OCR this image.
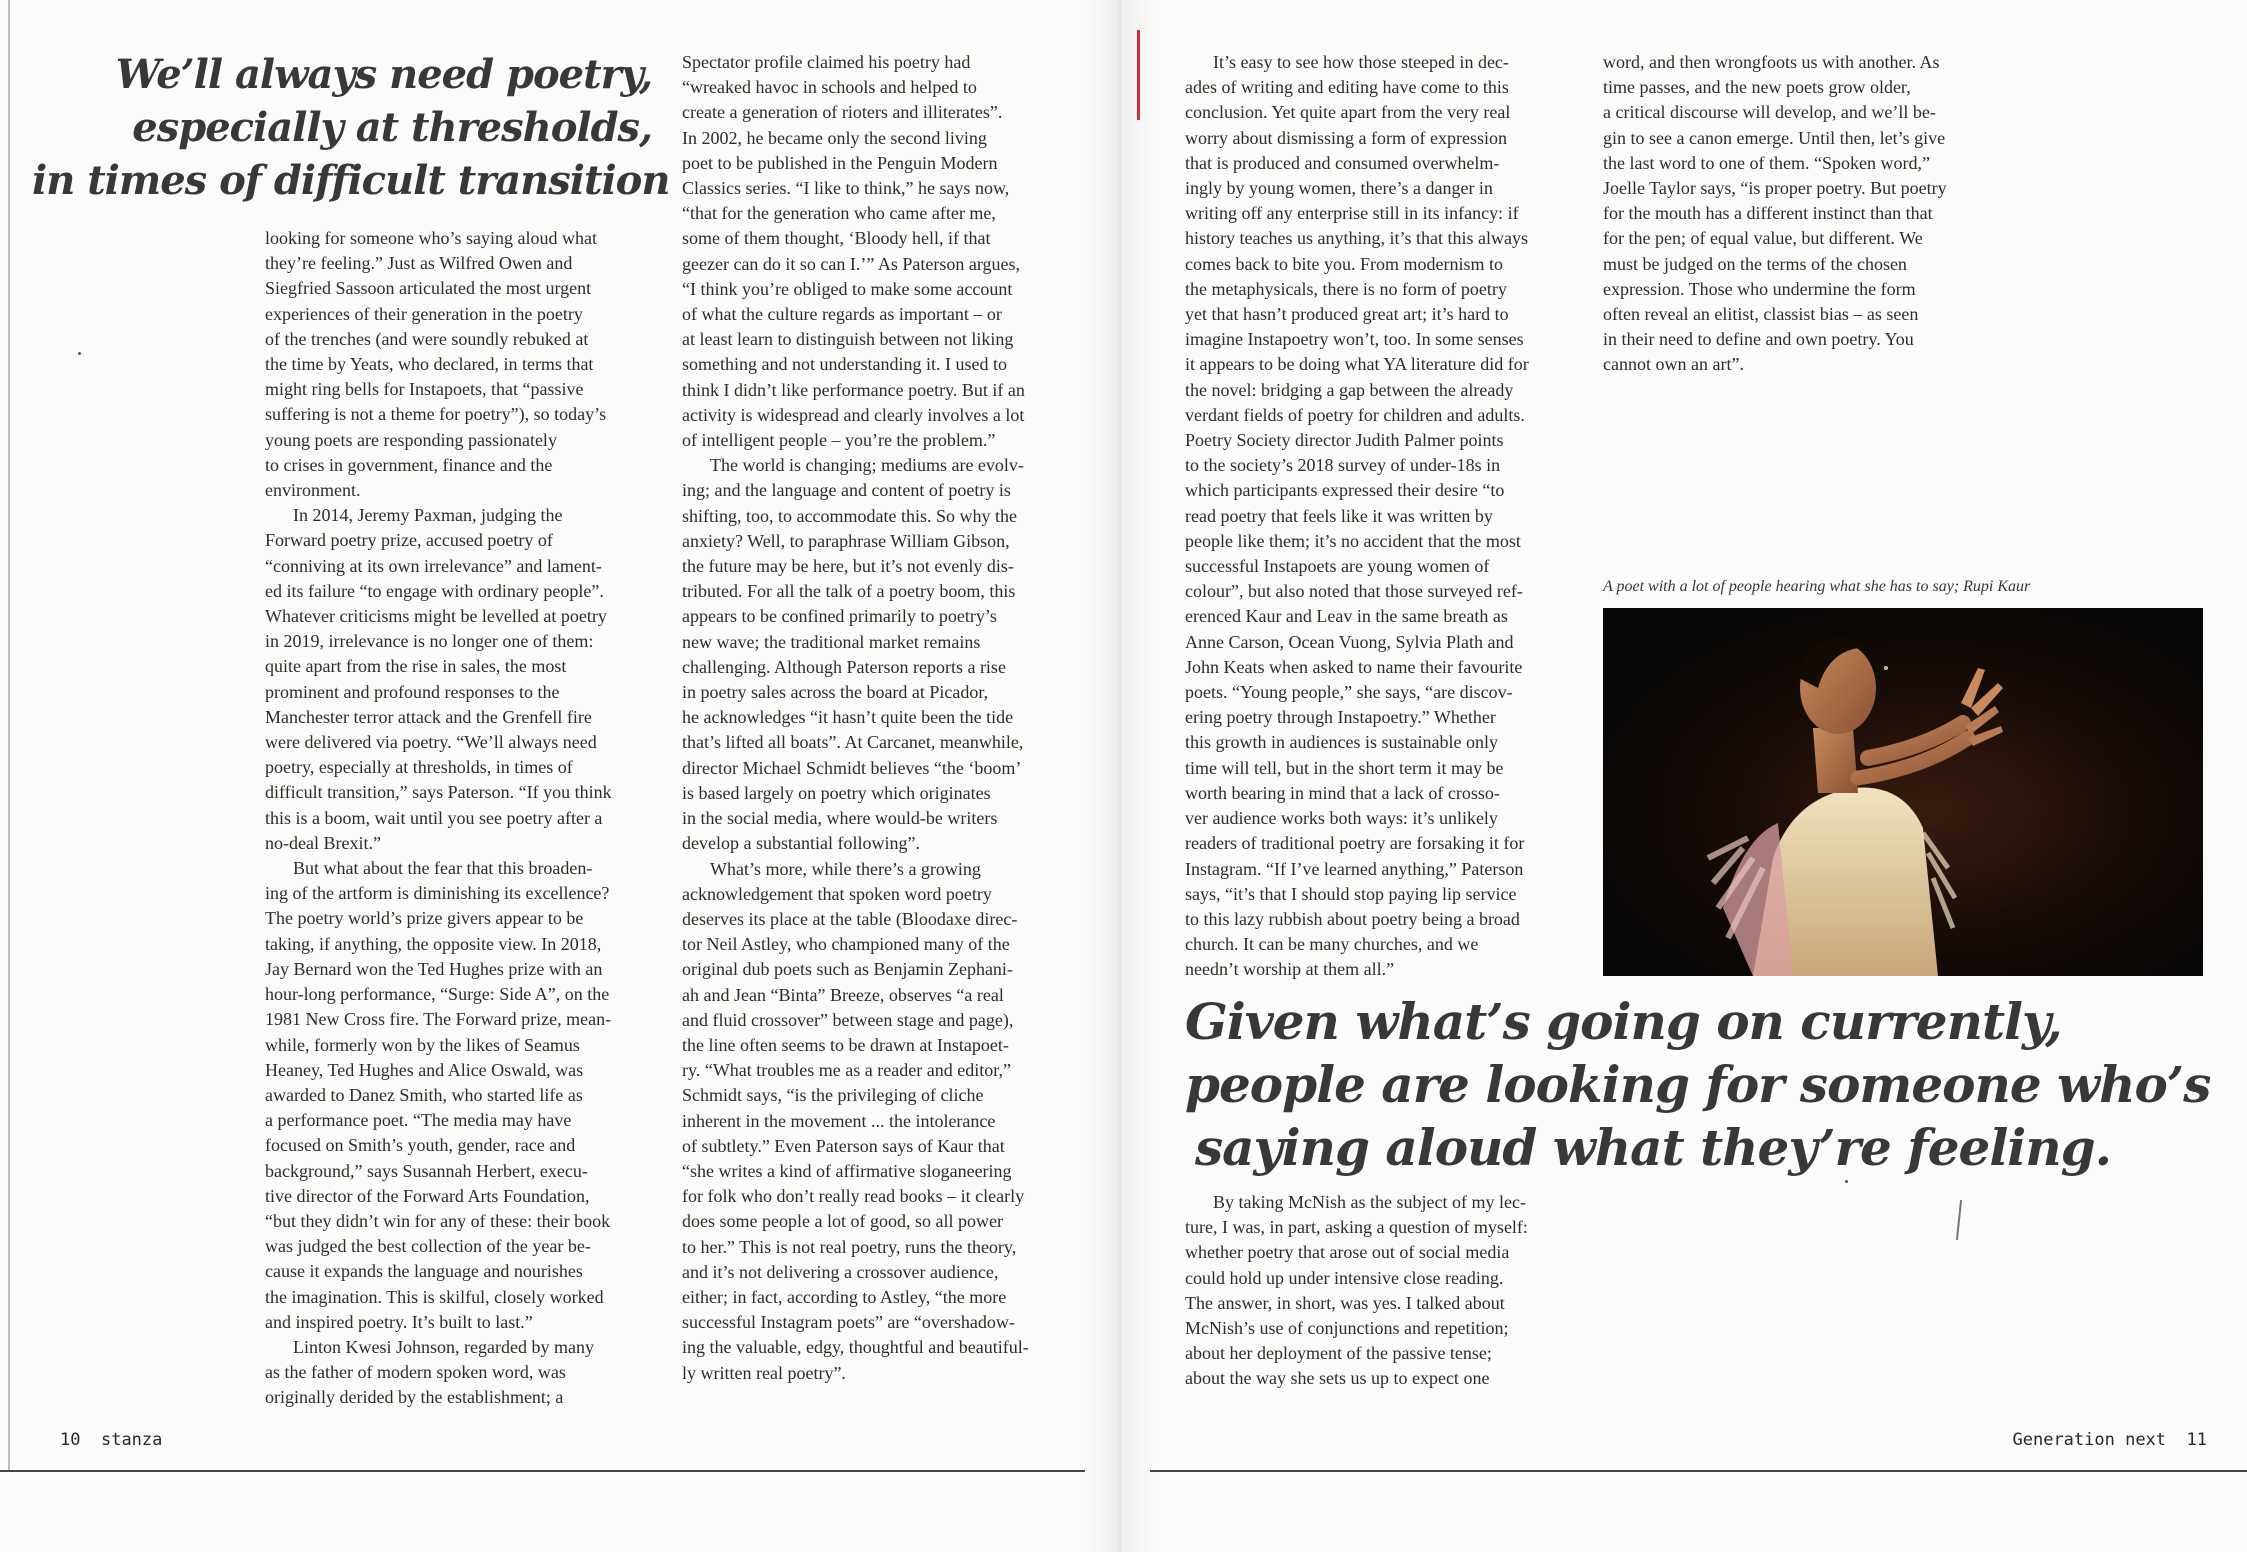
We’ll always need poetry,
especially at thresholds,
in times of difficult transition

looking for someone who’s saying aloud what
they’re feeling.” Just as Wilfred Owen and
Siegfried Sassoon articulated the most urgent
experiences of their generation in the poetry
of the trenches (and were soundly rebuked at
the time by Yeats, who declared, in terms that
might ring bells for Instapoets, that “passive
suffering is not a theme for poetry”), so today’s
young poets are responding passionately
to crises in government, finance and the
environment.

In 2014, Jeremy Paxman, judging the
Forward poetry prize, accused poetry of
“conniving at its own irrelevance” and lament-
ed its failure “to engage with ordinary people”.
Whatever criticisms might be levelled at poetry
in 2019, irrelevance is no longer one of them:
quite apart from the rise in sales, the most
prominent and profound responses to the
Manchester terror attack and the Grenfell fire
were delivered via poetry. “We’ll always need
poetry, especially at thresholds, in times of
difficult transition,” says Paterson. “If you think
this is a boom, wait until you see poetry after a
no-deal Brexit.”

But what about the fear that this broaden-
ing of the artform is diminishing its excellence?
The poetry world’s prize givers appear to be
taking, if anything, the opposite view. In 2018,
Jay Bernard won the Ted Hughes prize with an
hour-long performance, “Surge: Side A”, on the
1981 New Cross fire. The Forward prize, mean-
while, formerly won by the likes of Seamus
Heaney, Ted Hughes and Alice Oswald, was
awarded to Danez Smith, who started life as
a performance poet. “The media may have
focused on Smith’s youth, gender, race and
background,” says Susannah Herbert, execu-
tive director of the Forward Arts Foundation,
“but they didn’t win for any of these: their book
was judged the best collection of the year be-
cause it expands the language and nourishes
the imagination. This is skilful, closely worked
and inspired poetry. It’s built to last.”

Linton Kwesi Johnson, regarded by many
as the father of modern spoken word, was
originally derided by the establishment; a

Spectator profile claimed his poetry had
“wreaked havoc in schools and helped to
create a generation of rioters and illiterates”.
In 2002, he became only the second living
poet to be published in the Penguin Modern
Classics series. “I like to think,” he says now,
“that for the generation who came after me,
some of them thought, ‘Bloody hell, if that
geezer can do it so can I.’” As Paterson argues,
“I think you’re obliged to make some account
of what the culture regards as important – or
at least learn to distinguish between not liking
something and not understanding it. I used to
think I didn’t like performance poetry. But if an
activity is widespread and clearly involves a lot
of intelligent people – you’re the problem.”

The world is changing; mediums are evolv-
ing; and the language and content of poetry is
shifting, too, to accommodate this. So why the
anxiety? Well, to paraphrase William Gibson,
the future may be here, but it’s not evenly dis-
tributed. For all the talk of a poetry boom, this
appears to be confined primarily to poetry’s
new wave; the traditional market remains
challenging. Although Paterson reports a rise
in poetry sales across the board at Picador,
he acknowledges “it hasn’t quite been the tide
that’s lifted all boats”. At Carcanet, meanwhile,
director Michael Schmidt believes “the ‘boom’
is based largely on poetry which originates
in the social media, where would-be writers
develop a substantial following”.

What’s more, while there’s a growing
acknowledgement that spoken word poetry
deserves its place at the table (Bloodaxe direc-
tor Neil Astley, who championed many of the
original dub poets such as Benjamin Zephani-
ah and Jean “Binta” Breeze, observes “a real
and fluid crossover” between stage and page),
the line often seems to be drawn at Instapoet-
ry. “What troubles me as a reader and editor,”
Schmidt says, “is the privileging of cliche
inherent in the movement ... the intolerance
of subtlety.” Even Paterson says of Kaur that
“she writes a kind of affirmative sloganeering
for folk who don’t really read books – it clearly
does some people a lot of good, so all power
to her.” This is not real poetry, runs the theory,
and it’s not delivering a crossover audience,
either; in fact, according to Astley, “the more
successful Instagram poets” are “overshadow-
ing the valuable, edgy, thoughtful and beautiful-
ly written real poetry”.

10 stanza

It’s easy to see how those steeped in dec-
ades of writing and editing have come to this
conclusion. Yet quite apart from the very real
worry about dismissing a form of expression
that is produced and consumed overwhelm-
ingly by young women, there’s a danger in
writing off any enterprise still in its infancy: if
history teaches us anything, it’s that this always
comes back to bite you. From modernism to
the metaphysicals, there is no form of poetry
yet that hasn’t produced great art; it’s hard to
imagine Instapoetry won’t, too. In some senses
it appears to be doing what YA literature did for
the novel: bridging a gap between the already
verdant fields of poetry for children and adults.
Poetry Society director Judith Palmer points
to the society’s 2018 survey of under-18s in
which participants expressed their desire “to
read poetry that feels like it was written by
people like them; it’s no accident that the most
successful Instapoets are young women of
colour”, but also noted that those surveyed ref-
erenced Kaur and Leav in the same breath as
Anne Carson, Ocean Vuong, Sylvia Plath and
John Keats when asked to name their favourite
poets. “Young people,” she says, “are discov-
ering poetry through Instapoetry.” Whether
this growth in audiences is sustainable only
time will tell, but in the short term it may be
worth bearing in mind that a lack of crosso-
ver audience works both ways: it’s unlikely
readers of traditional poetry are forsaking it for
Instagram. “If I’ve learned anything,” Paterson
says, “it’s that I should stop paying lip service
to this lazy rubbish about poetry being a broad
church. It can be many churches, and we
needn’t worship at them all.”

word, and then wrongfoots us with another. As
time passes, and the new poets grow older,
a critical discourse will develop, and we’ll be-
gin to see a canon emerge. Until then, let’s give
the last word to one of them. “Spoken word,”
Joelle Taylor says, “is proper poetry. But poetry
for the mouth has a different instinct than that
for the pen; of equal value, but different. We
must be judged on the terms of the chosen
expression. Those who undermine the form
often reveal an elitist, classist bias – as seen
in their need to define and own poetry. You
cannot own an art”.

A poet with a lot of people hearing what she has to say; Rupi Kaur

Given what’s going on currently,
people are looking for someone who’s
saying aloud what they’re feeling.

By taking McNish as the subject of my lec-
ture, I was, in part, asking a question of myself:
whether poetry that arose out of social media
could hold up under intensive close reading.
The answer, in short, was yes. I talked about
McNish’s use of conjunctions and repetition;
about her deployment of the passive tense;
about the way she sets us up to expect one

Generation next 11
